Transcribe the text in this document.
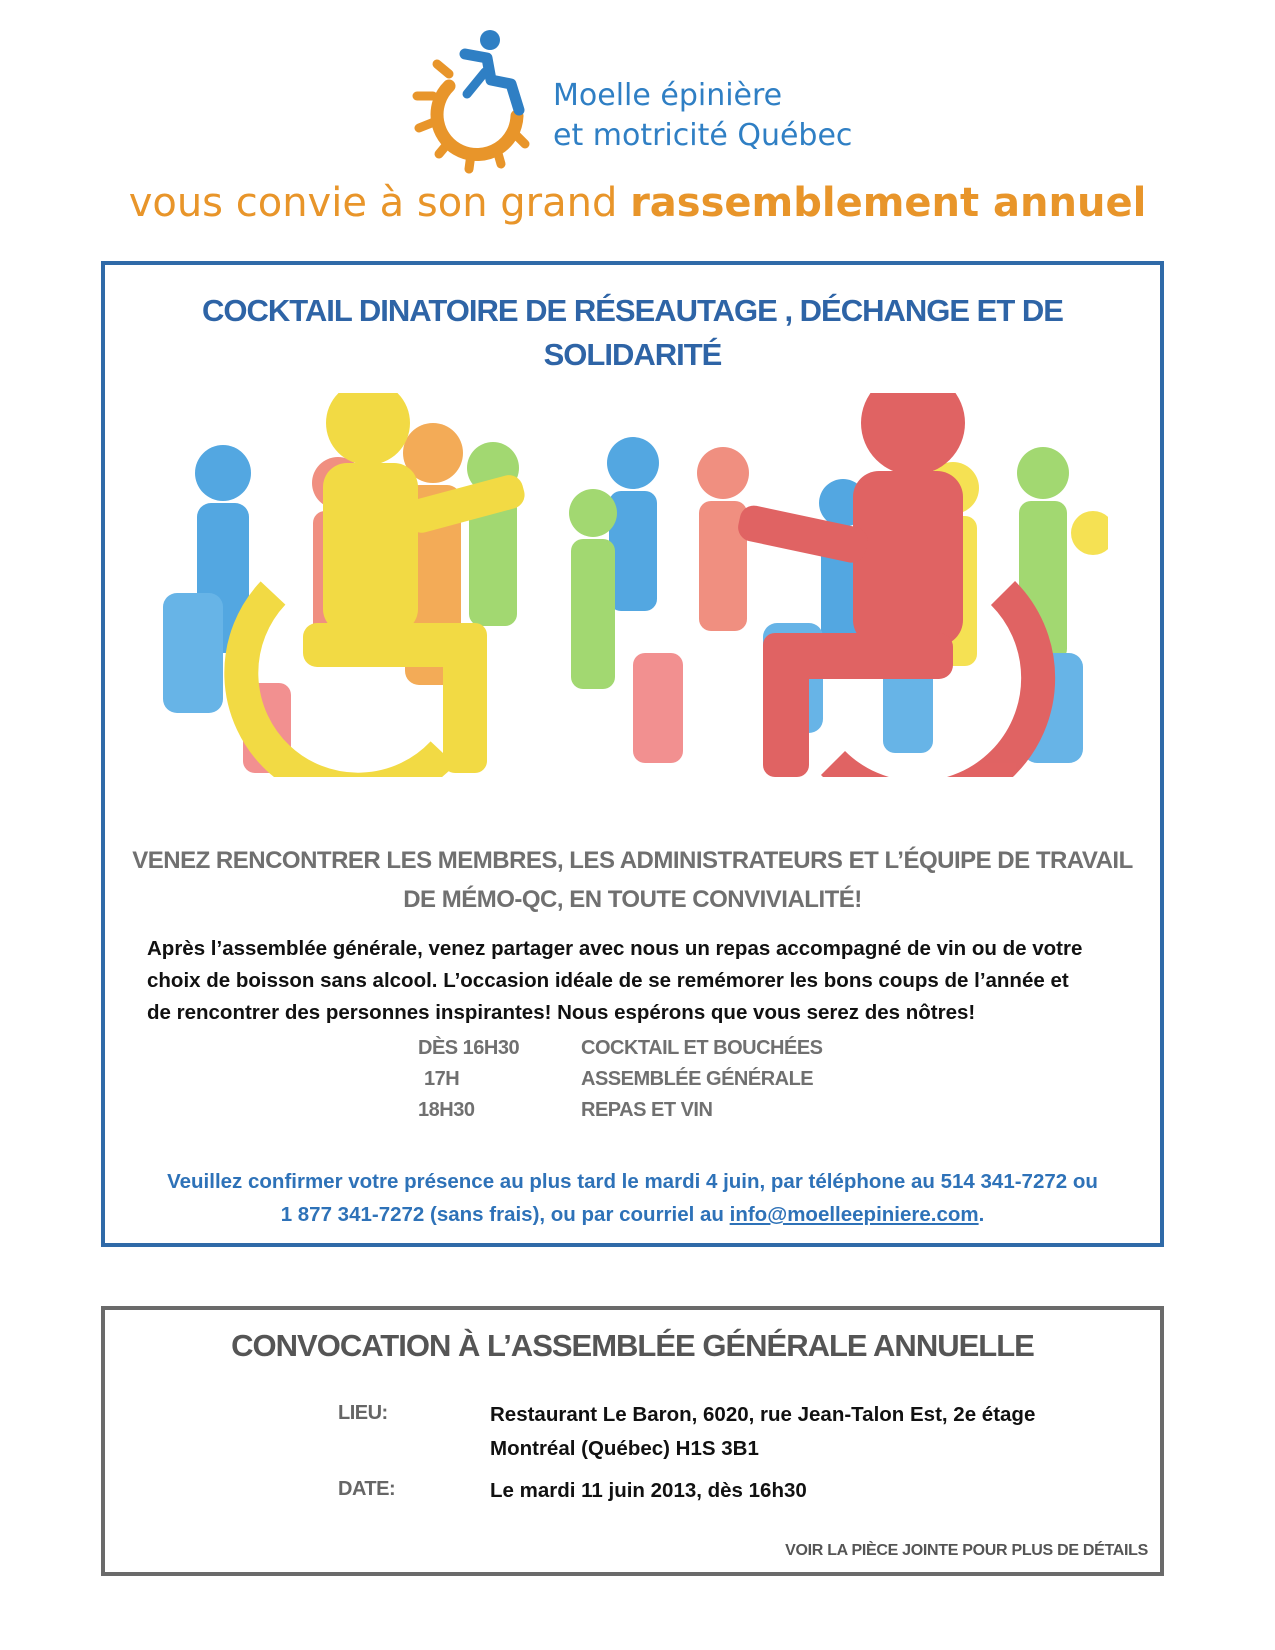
Moelle épinière
et motricité Québec
vous convie à son grand rassemblement annuel
COCKTAIL DINATOIRE DE RÉSEAUTAGE , DÉCHANGE ET DE
SOLIDARITÉ
VENEZ RENCONTRER LES MEMBRES, LES ADMINISTRATEURS ET L’ÉQUIPE DE TRAVAIL
DE MÉMO-QC, EN TOUTE CONVIVIALITÉ!
Après l’assemblée générale, venez partager avec nous un repas accompagné de vin ou de votre
choix de boisson sans alcool. L’occasion idéale de se remémorer les bons coups de l’année et
de rencontrer des personnes inspirantes! Nous espérons que vous serez des nôtres!
DÈS 16H30	COCKTAIL ET BOUCHÉES
17H	ASSEMBLÉE GÉNÉRALE
18H30	REPAS ET VIN
Veuillez confirmer votre présence au plus tard le mardi 4 juin, par téléphone au 514 341-7272 ou
1 877 341-7272 (sans frais), ou par courriel au info@moelleepiniere.com.
CONVOCATION À L’ASSEMBLÉE GÉNÉRALE ANNUELLE
LIEU:	Restaurant Le Baron, 6020, rue Jean-Talon Est, 2e étage
Montréal (Québec) H1S 3B1
DATE:	Le mardi 11 juin 2013, dès 16h30
VOIR LA PIÈCE JOINTE POUR PLUS DE DÉTAILS
